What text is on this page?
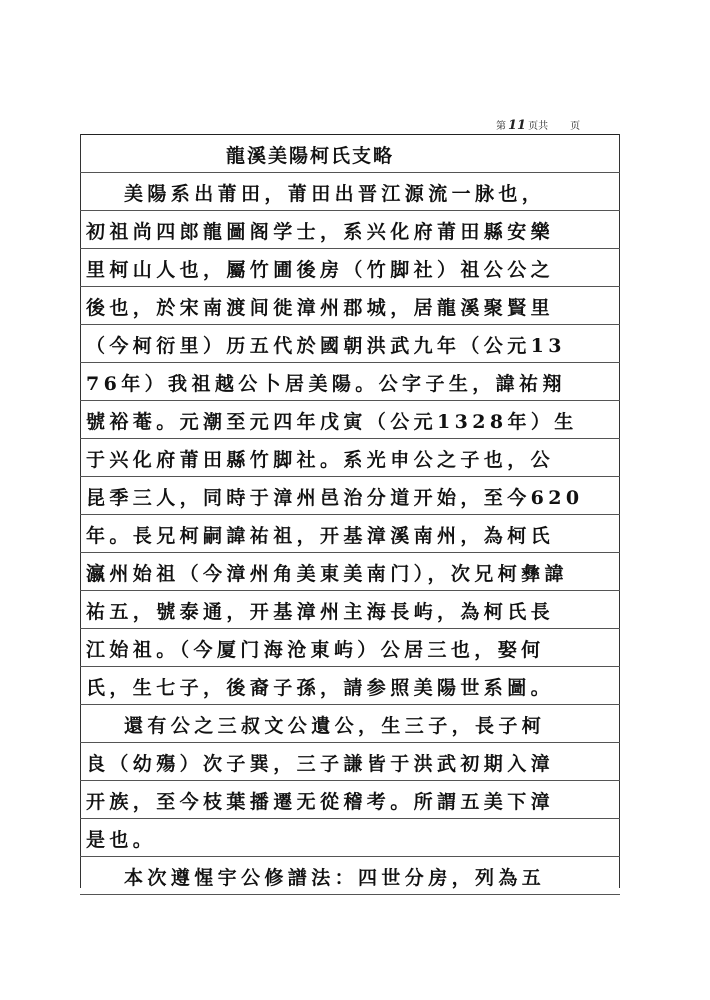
第 11 页共 页
龍溪美陽柯氏支略
美陽系出莆田，莆田出晋江源流一脉也，
初祖尚四郎龍圖阁学士，系兴化府莆田縣安樂
里柯山人也，屬竹圃後房（竹脚社）祖公公之
後也，於宋南渡间徙漳州郡城，居龍溪聚賢里
（今柯衍里）历五代於國朝洪武九年（公元13
76年）我祖越公卜居美陽。公字子生，諱祐翔
號裕菴。元潮至元四年戊寅（公元1328年）生
于兴化府莆田縣竹脚社。系光申公之子也，公
昆季三人，同時于漳州邑治分道开始，至今620
年。長兄柯嗣諱祐祖，开基漳溪南州，為柯氏
瀛州始祖（今漳州角美東美南门），次兄柯彝諱
祐五，號泰通，开基漳州主海長屿，為柯氏長
江始祖。（今厦门海沧東屿）公居三也，娶何
氏，生七子，後裔子孫，請参照美陽世系圖。
還有公之三叔文公遺公，生三子，長子柯
良（幼殤）次子巽，三子謙皆于洪武初期入漳
开族，至今枝葉播遷无從稽考。所謂五美下漳
是也。
本次遵惺宇公修譜法：四世分房，列為五
